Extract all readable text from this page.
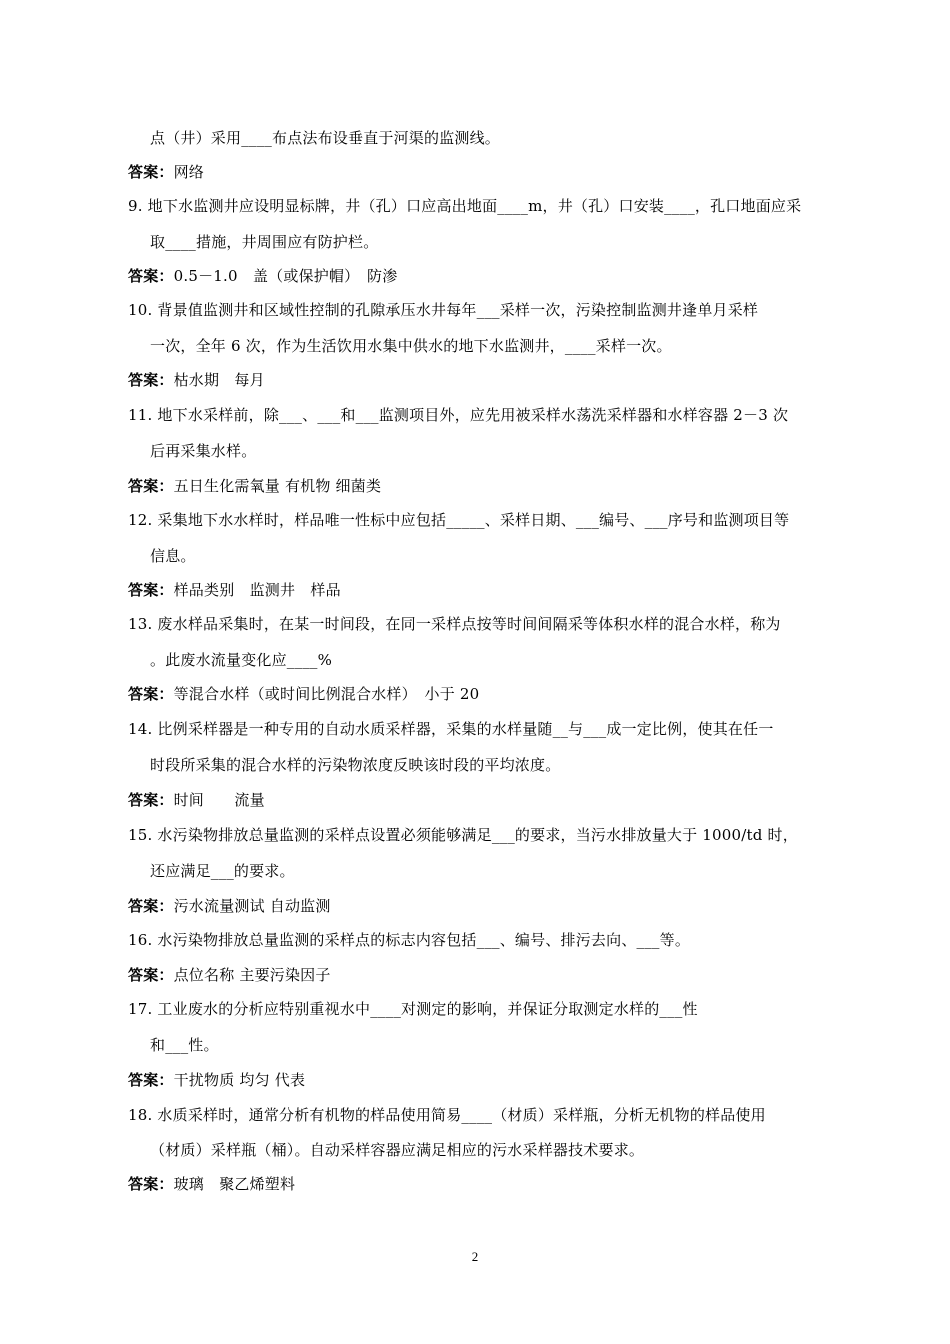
点（井）采用____布点法布设垂直于河渠的监测线。
答案：网络
9. 地下水监测井应设明显标牌，井（孔）口应高出地面____m，井（孔）口安装____，孔口地面应采
取____措施，井周围应有防护栏。
答案：0.5－1.0　盖（或保护帽）　防渗
10. 背景值监测井和区域性控制的孔隙承压水井每年___采样一次，污染控制监测井逢单月采样
一次，全年 6 次，作为生活饮用水集中供水的地下水监测井，____采样一次。
答案：枯水期　每月
11. 地下水采样前，除___、___和___监测项目外，应先用被采样水荡洗采样器和水样容器 2－3 次
后再采集水样。
答案：五日生化需氧量 有机物 细菌类
12. 采集地下水水样时，样品唯一性标中应包括_____、采样日期、___编号、___序号和监测项目等
信息。
答案：样品类别　监测井　样品
13. 废水样品采集时，在某一时间段，在同一采样点按等时间间隔采等体积水样的混合水样，称为
。此废水流量变化应____%
答案：等混合水样（或时间比例混合水样）　小于 20
14. 比例采样器是一种专用的自动水质采样器，采集的水样量随__与___成一定比例，使其在任一
时段所采集的混合水样的污染物浓度反映该时段的平均浓度。
答案：时间　　流量
15. 水污染物排放总量监测的采样点设置必须能够满足___的要求，当污水排放量大于 1000/td 时，
还应满足___的要求。
答案：污水流量测试 自动监测
16. 水污染物排放总量监测的采样点的标志内容包括___、编号、排污去向、___等。
答案：点位名称 主要污染因子
17. 工业废水的分析应特别重视水中____对测定的影响，并保证分取测定水样的___性
和___性。
答案：干扰物质 均匀 代表
18. 水质采样时，通常分析有机物的样品使用简易____（材质）采样瓶，分析无机物的样品使用
（材质）采样瓶（桶）。自动采样容器应满足相应的污水采样器技术要求。
答案：玻璃　聚乙烯塑料
2
